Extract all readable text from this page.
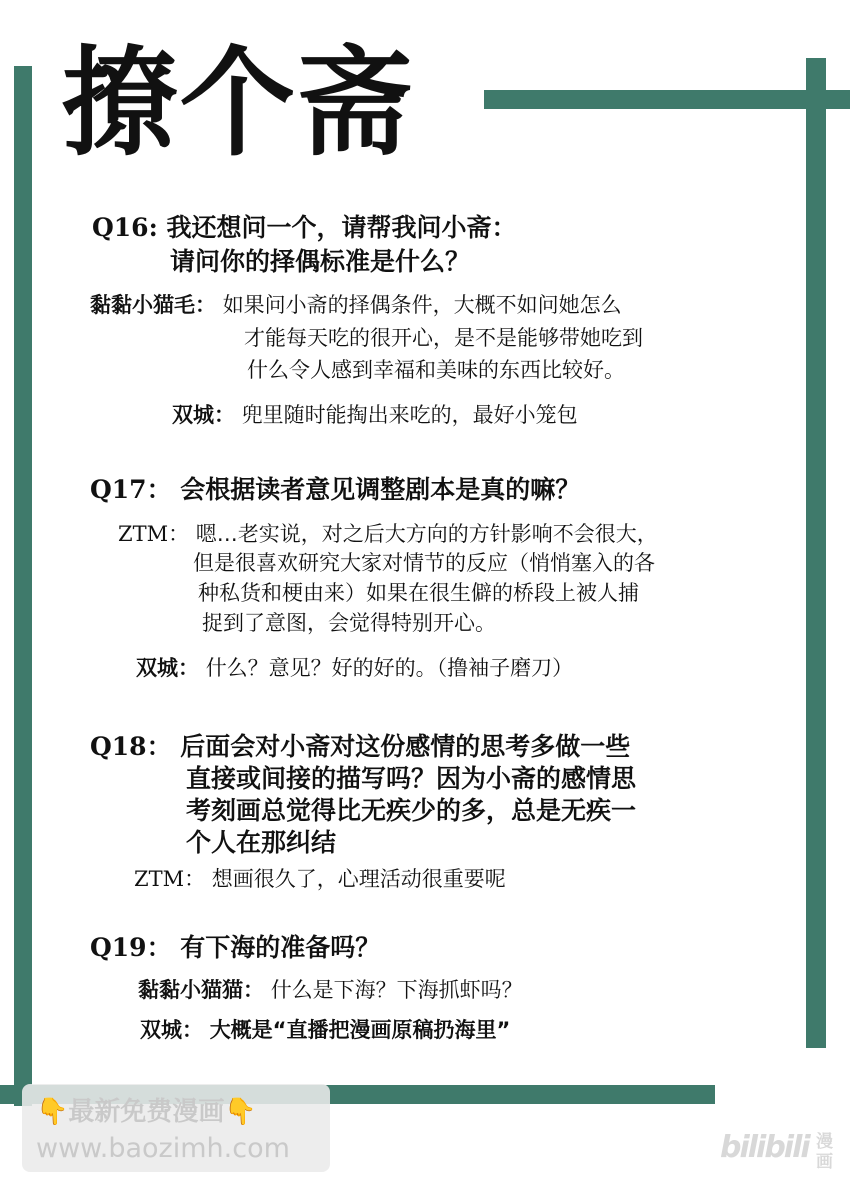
撩个斋
Q16: 我还想问一个，请帮我问小斋：
请问你的择偶标准是什么？
黏黏小猫毛： 如果问小斋的择偶条件，大概不如问她怎么
才能每天吃的很开心，是不是能够带她吃到
什么令人感到幸福和美味的东西比较好。
双城： 兜里随时能掏出来吃的，最好小笼包
Q17： 会根据读者意见调整剧本是真的嘛？
ZTM： 嗯…老实说，对之后大方向的方针影响不会很大，
但是很喜欢研究大家对情节的反应（悄悄塞入的各
种私货和梗由来）如果在很生僻的桥段上被人捕
捉到了意图，会觉得特别开心。
双城： 什么？意见？好的好的。（撸袖子磨刀）
Q18： 后面会对小斋对这份感情的思考多做一些
直接或间接的描写吗？因为小斋的感情思
考刻画总觉得比无疾少的多，总是无疾一
个人在那纠结
ZTM： 想画很久了，心理活动很重要呢
Q19： 有下海的准备吗？
黏黏小猫猫： 什么是下海？下海抓虾吗？
双城： 大概是“直播把漫画原稿扔海里”
👇最新免费漫画👇
www.baozimh.com	bilibili 漫画
